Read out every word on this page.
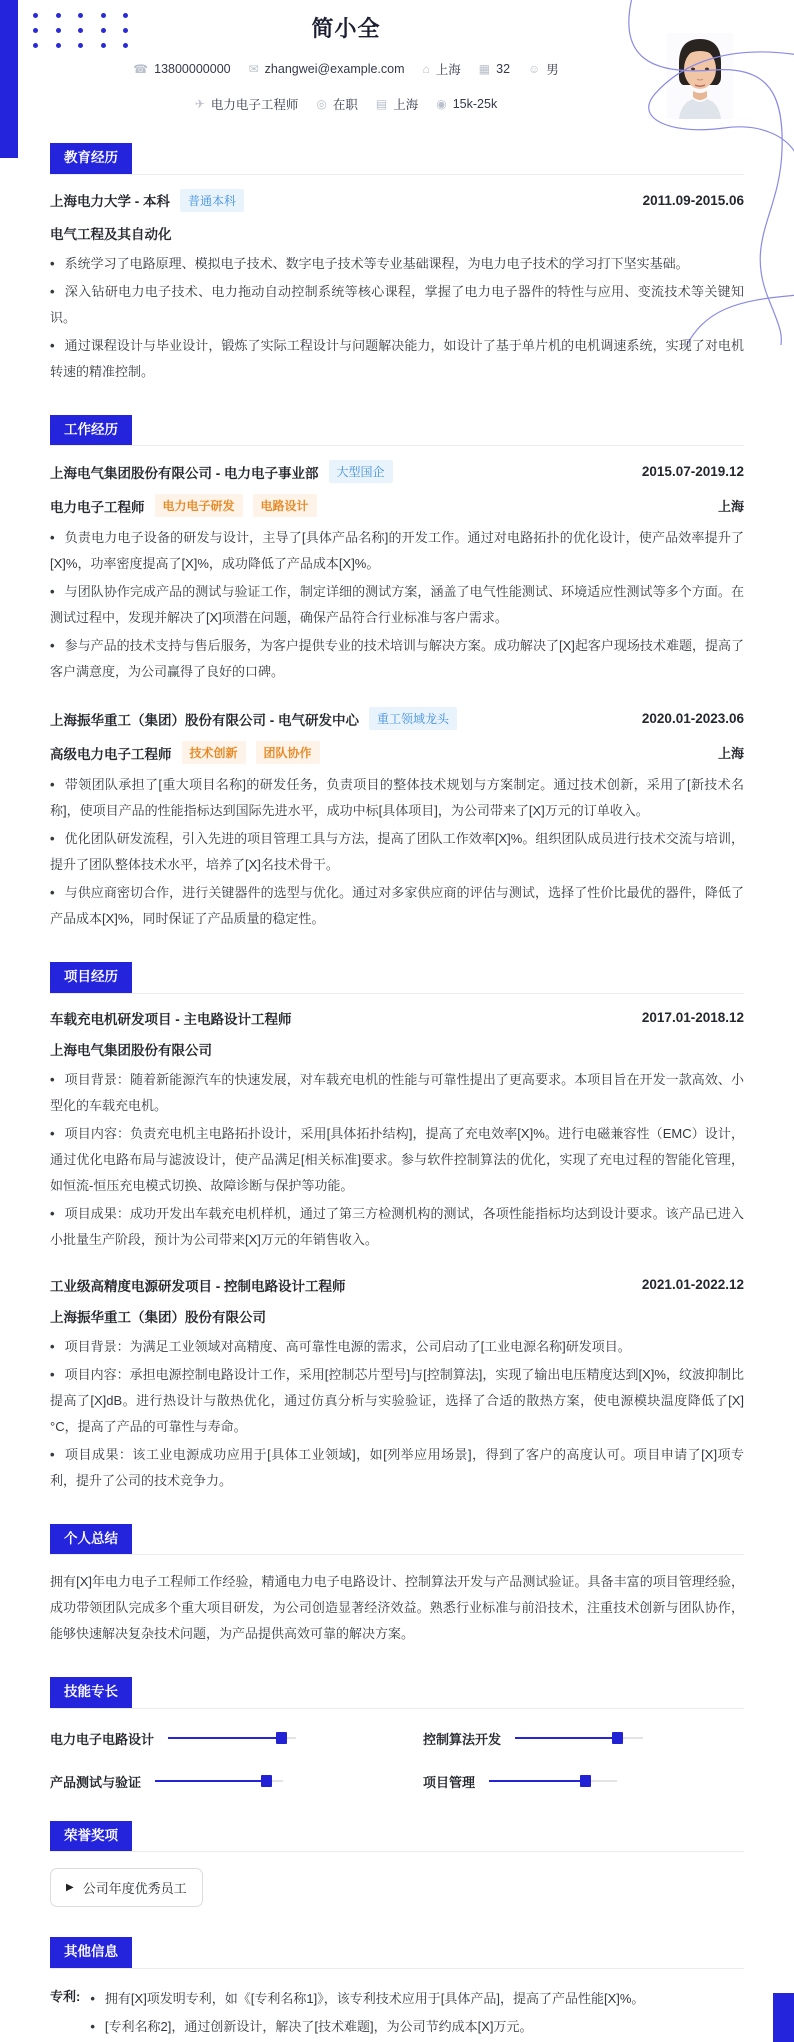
简小全
☎ 13800000000 ✉ zhangwei@example.com ⌂ 上海 ▦ 32 ☺ 男
✈ 电力电子工程师 ◎ 在职 ▤ 上海 ◉ 15k-25k
教育经历
上海电力大学 - 本科	普通本科	2011.09-2015.06
电气工程及其自动化

• 系统学习了电路原理、模拟电子技术、数字电子技术等专业基础课程，为电力电子技术的学习打下坚实基础。

• 深入钻研电力电子技术、电力拖动自动控制系统等核心课程，掌握了电力电子器件的特性与应用、变流技术等关键知识。

• 通过课程设计与毕业设计，锻炼了实际工程设计与问题解决能力，如设计了基于单片机的电机调速系统，实现了对电机转速的精准控制。

工作经历
上海电气集团股份有限公司 - 电力电子事业部	大型国企	2015.07-2019.12
电力电子工程师	电力电子研发	电路设计	上海

• 负责电力电子设备的研发与设计，主导了[具体产品名称]的开发工作。通过对电路拓扑的优化设计，使产品效率提升了[X]%，功率密度提高了[X]%，成功降低了产品成本[X]%。

• 与团队协作完成产品的测试与验证工作，制定详细的测试方案，涵盖了电气性能测试、环境适应性测试等多个方面。在测试过程中，发现并解决了[X]项潜在问题，确保产品符合行业标准与客户需求。

• 参与产品的技术支持与售后服务，为客户提供专业的技术培训与解决方案。成功解决了[X]起客户现场技术难题，提高了客户满意度，为公司赢得了良好的口碑。

上海振华重工（集团）股份有限公司 - 电气研发中心	重工领域龙头	2020.01-2023.06
高级电力电子工程师	技术创新	团队协作	上海

• 带领团队承担了[重大项目名称]的研发任务，负责项目的整体技术规划与方案制定。通过技术创新，采用了[新技术名称]，使项目产品的性能指标达到国际先进水平，成功中标[具体项目]，为公司带来了[X]万元的订单收入。

• 优化团队研发流程，引入先进的项目管理工具与方法，提高了团队工作效率[X]%。组织团队成员进行技术交流与培训，提升了团队整体技术水平，培养了[X]名技术骨干。

• 与供应商密切合作，进行关键器件的选型与优化。通过对多家供应商的评估与测试，选择了性价比最优的器件，降低了产品成本[X]%，同时保证了产品质量的稳定性。

项目经历
车载充电机研发项目 - 主电路设计工程师	2017.01-2018.12
上海电气集团股份有限公司

• 项目背景：随着新能源汽车的快速发展，对车载充电机的性能与可靠性提出了更高要求。本项目旨在开发一款高效、小型化的车载充电机。

• 项目内容：负责充电机主电路拓扑设计，采用[具体拓扑结构]，提高了充电效率[X]%。进行电磁兼容性（EMC）设计，通过优化电路布局与滤波设计，使产品满足[相关标准]要求。参与软件控制算法的优化，实现了充电过程的智能化管理，如恒流-恒压充电模式切换、故障诊断与保护等功能。

• 项目成果：成功开发出车载充电机样机，通过了第三方检测机构的测试，各项性能指标均达到设计要求。该产品已进入小批量生产阶段，预计为公司带来[X]万元的年销售收入。

工业级高精度电源研发项目 - 控制电路设计工程师	2021.01-2022.12
上海振华重工（集团）股份有限公司

• 项目背景：为满足工业领域对高精度、高可靠性电源的需求，公司启动了[工业电源名称]研发项目。

• 项目内容：承担电源控制电路设计工作，采用[控制芯片型号]与[控制算法]，实现了输出电压精度达到[X]%，纹波抑制比提高了[X]dB。进行热设计与散热优化，通过仿真分析与实验验证，选择了合适的散热方案，使电源模块温度降低了[X]°C，提高了产品的可靠性与寿命。

• 项目成果：该工业电源成功应用于[具体工业领域]，如[列举应用场景]，得到了客户的高度认可。项目申请了[X]项专利，提升了公司的技术竞争力。

个人总结

拥有[X]年电力电子工程师工作经验，精通电力电子电路设计、控制算法开发与产品测试验证。具备丰富的项目管理经验，成功带领团队完成多个重大项目研发，为公司创造显著经济效益。熟悉行业标准与前沿技术，注重技术创新与团队协作，能够快速解决复杂技术问题，为产品提供高效可靠的解决方案。

技能专长
电力电子电路设计	控制算法开发
产品测试与验证	项目管理
荣誉奖项
▶ 公司年度优秀员工
其他信息
专利:	• 拥有[X]项发明专利，如《[专利名称1]》，该专利技术应用于[具体产品]，提高了产品性能[X]%。

• [专利名称2]，通过创新设计，解决了[技术难题]，为公司节约成本[X]万元。
